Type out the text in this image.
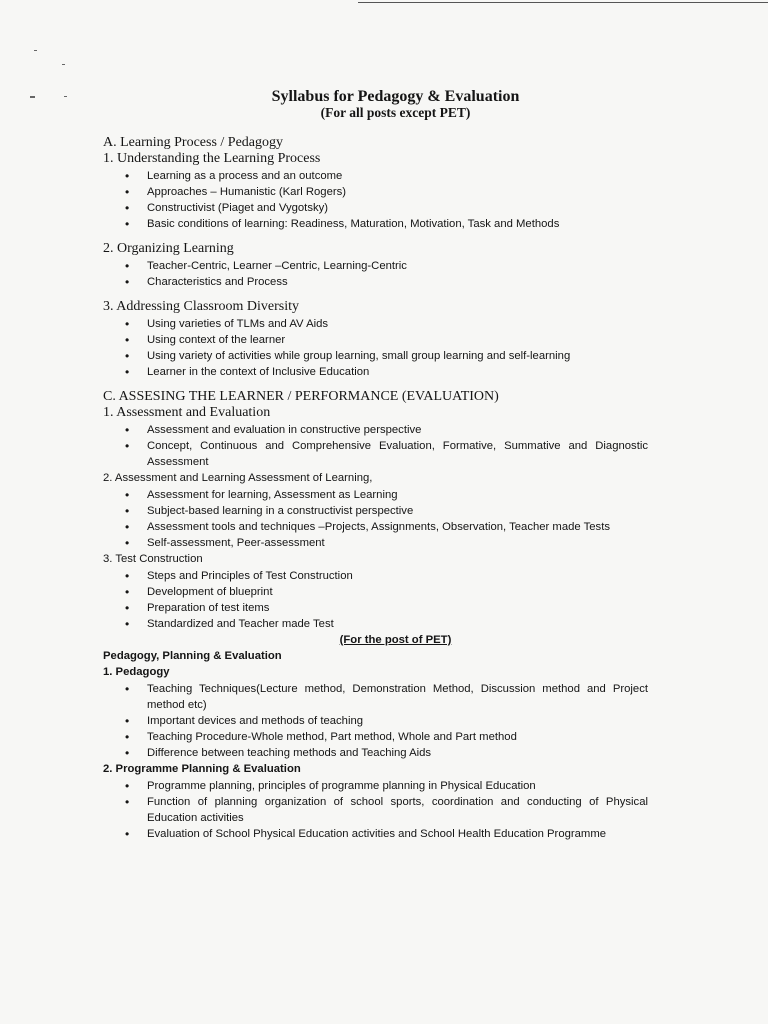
Syllabus for Pedagogy & Evaluation
(For all posts except PET)
A. Learning Process / Pedagogy
1. Understanding the Learning Process
• Learning as a process and an outcome
• Approaches – Humanistic (Karl Rogers)
• Constructivist (Piaget and Vygotsky)
• Basic conditions of learning: Readiness, Maturation, Motivation, Task and Methods
2. Organizing Learning
• Teacher-Centric, Learner –Centric, Learning-Centric
• Characteristics and Process
3. Addressing Classroom Diversity
• Using varieties of TLMs and AV Aids
• Using context of the learner
• Using variety of activities while group learning, small group learning and self-learning
• Learner in the context of Inclusive Education
C. ASSESING THE LEARNER / PERFORMANCE (EVALUATION)
1. Assessment and Evaluation
• Assessment and evaluation in constructive perspective
• Concept, Continuous and Comprehensive Evaluation, Formative, Summative and Diagnostic Assessment
2. Assessment and Learning Assessment of Learning,
• Assessment for learning, Assessment as Learning
• Subject-based learning in a constructivist perspective
• Assessment tools and techniques –Projects, Assignments, Observation, Teacher made Tests
• Self-assessment, Peer-assessment
3. Test Construction
• Steps and Principles of Test Construction
• Development of blueprint
• Preparation of test items
• Standardized and Teacher made Test
(For the post of PET)
Pedagogy, Planning & Evaluation
1. Pedagogy
• Teaching Techniques(Lecture method, Demonstration Method, Discussion method and Project method etc)
• Important devices and methods of teaching
• Teaching Procedure-Whole method, Part method, Whole and Part method
• Difference between teaching methods and Teaching Aids
2. Programme Planning & Evaluation
• Programme planning, principles of programme planning in Physical Education
• Function of planning organization of school sports, coordination and conducting of Physical Education activities
• Evaluation of School Physical Education activities and School Health Education Programme
